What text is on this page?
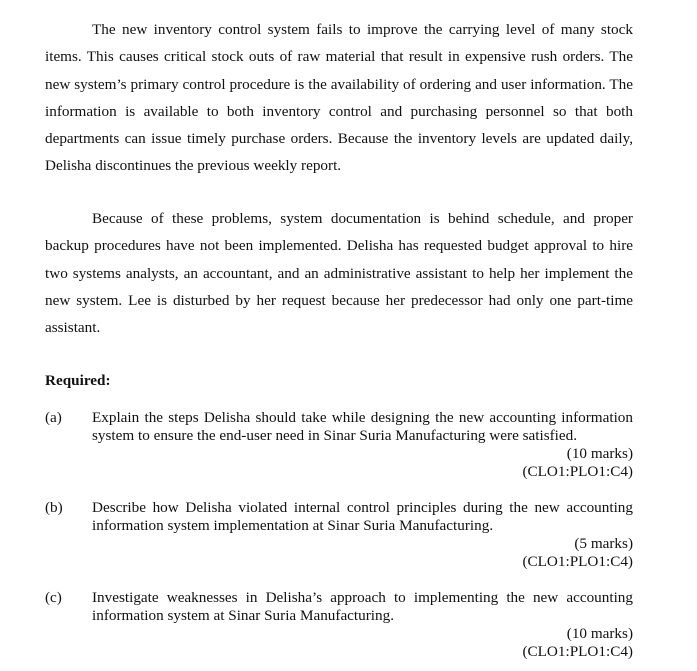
The new inventory control system fails to improve the carrying level of many stock items. This causes critical stock outs of raw material that result in expensive rush orders. The new system’s primary control procedure is the availability of ordering and user information. The information is available to both inventory control and purchasing personnel so that both departments can issue timely purchase orders. Because the inventory levels are updated daily, Delisha discontinues the previous weekly report.

Because of these problems, system documentation is behind schedule, and proper backup procedures have not been implemented. Delisha has requested budget approval to hire two systems analysts, an accountant, and an administrative assistant to help her implement the new system. Lee is disturbed by her request because her predecessor had only one part-time assistant.

Required:

(a) Explain the steps Delisha should take while designing the new accounting information system to ensure the end-user need in Sinar Suria Manufacturing were satisfied.
(10 marks)
(CLO1:PLO1:C4)
(b) Describe how Delisha violated internal control principles during the new accounting information system implementation at Sinar Suria Manufacturing.
(5 marks)
(CLO1:PLO1:C4)
(c) Investigate weaknesses in Delisha’s approach to implementing the new accounting information system at Sinar Suria Manufacturing.
(10 marks)
(CLO1:PLO1:C4)
